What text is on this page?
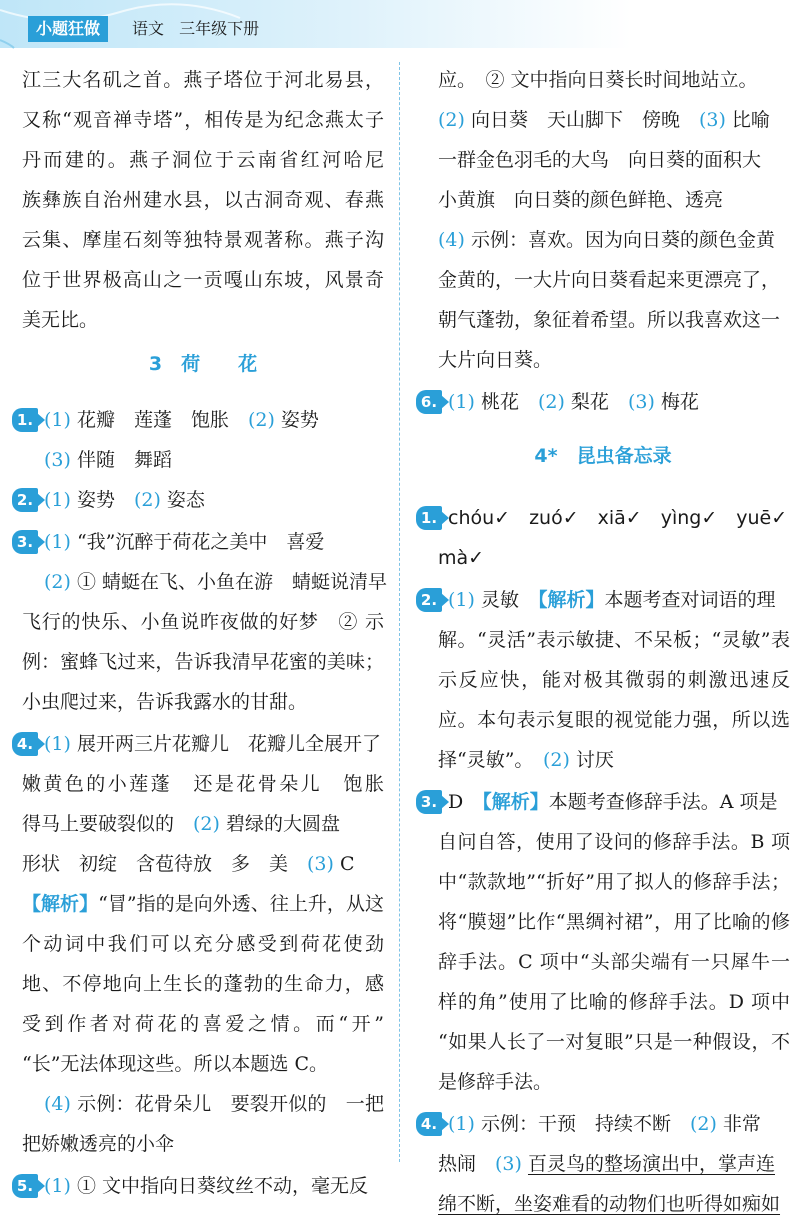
小题狂做	语文 三年级下册
江三大名矶之首。燕子塔位于河北易县，
又称“观音禅寺塔”，相传是为纪念燕太子
丹而建的。燕子洞位于云南省红河哈尼
族彝族自治州建水县，以古洞奇观、春燕
云集、摩崖石刻等独特景观著称。燕子沟
位于世界极高山之一贡嘎山东坡，风景奇
美无比。
3　荷　　花
1. (1) 花瓣　莲蓬　饱胀　(2) 姿势
(3) 伴随　舞蹈
2. (1) 姿势　(2) 姿态
3. (1) “我”沉醉于荷花之美中　喜爱
(2) ① 蜻蜓在飞、小鱼在游　蜻蜓说清早
飞行的快乐、小鱼说昨夜做的好梦　② 示
例：蜜蜂飞过来，告诉我清早花蜜的美味；
小虫爬过来，告诉我露水的甘甜。
4. (1) 展开两三片花瓣儿　花瓣儿全展开了
嫩黄色的小莲蓬　还是花骨朵儿　饱胀
得马上要破裂似的　(2) 碧绿的大圆盘
形状　初绽　含苞待放　多　美　(3) C
【解析】“冒”指的是向外透、往上升，从这
个动词中我们可以充分感受到荷花使劲
地、不停地向上生长的蓬勃的生命力，感
受到作者对荷花的喜爱之情。而“开”
“长”无法体现这些。所以本题选 C。
(4) 示例：花骨朵儿　要裂开似的　一把
把娇嫩透亮的小伞
5. (1) ① 文中指向日葵纹丝不动，毫无反
应。　② 文中指向日葵长时间地站立。
(2) 向日葵　天山脚下　傍晚　(3) 比喻
一群金色羽毛的大鸟　向日葵的面积大
小黄旗　向日葵的颜色鲜艳、透亮
(4) 示例：喜欢。因为向日葵的颜色金黄
金黄的，一大片向日葵看起来更漂亮了，
朝气蓬勃，象征着希望。所以我喜欢这一
大片向日葵。
6. (1) 桃花　(2) 梨花　(3) 梅花
4*　昆虫备忘录
1. chóu✓　zuó✓　xiā✓　yìng✓　yuē✓
mà✓
2. (1) 灵敏　【解析】本题考查对词语的理
解。“灵活”表示敏捷、不呆板；“灵敏”表
示反应快，能对极其微弱的刺激迅速反
应。本句表示复眼的视觉能力强，所以选
择“灵敏”。　(2) 讨厌
3. D　【解析】本题考查修辞手法。A 项是
自问自答，使用了设问的修辞手法。B 项
中“款款地”“折好”用了拟人的修辞手法；
将“膜翅”比作“黑绸衬裙”，用了比喻的修
辞手法。C 项中“头部尖端有一只犀牛一
样的角”使用了比喻的修辞手法。D 项中
“如果人长了一对复眼”只是一种假设，不
是修辞手法。
4. (1) 示例：干预　持续不断　(2) 非常
热闹　(3) 百灵鸟的整场演出中，掌声连
绵不断，坐姿难看的动物们也听得如痴如
